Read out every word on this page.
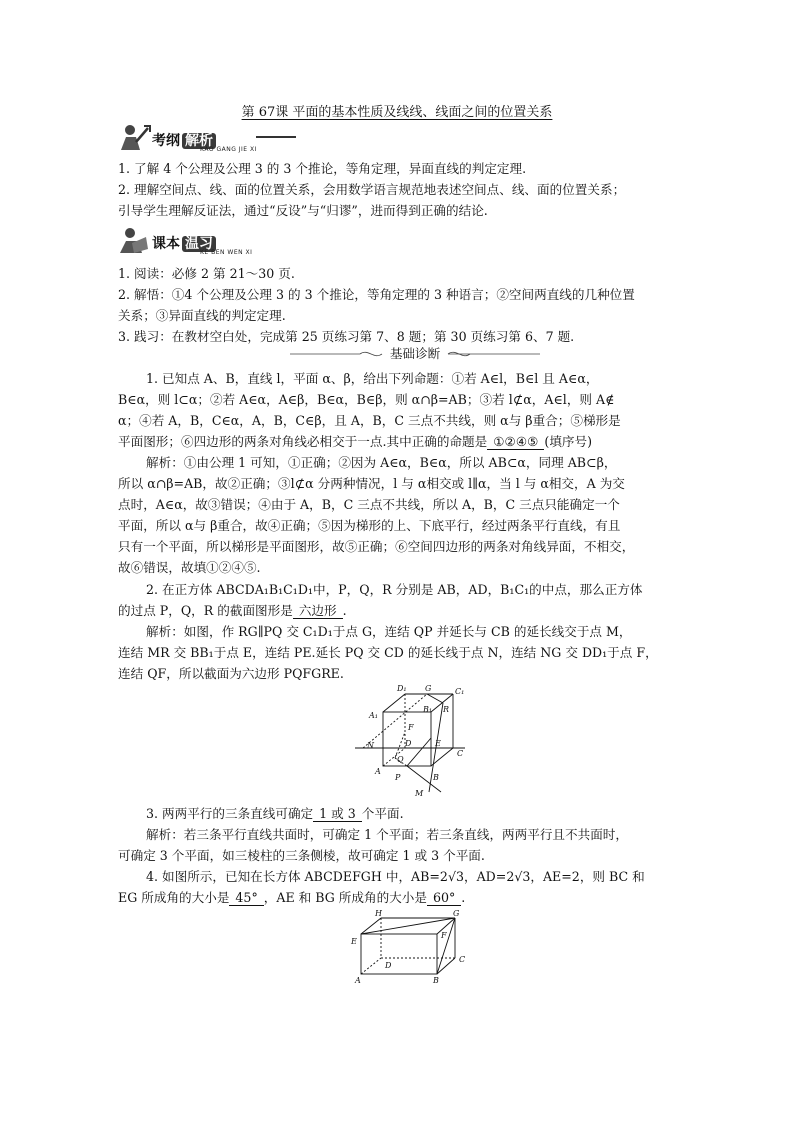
第 67课 平面的基本性质及线线、线面之间的位置关系
考纲 解析
KAO GANG JIE XI
1. 了解 4 个公理及公理 3 的 3 个推论，等角定理，异面直线的判定定理.
2. 理解空间点、线、面的位置关系，会用数学语言规范地表述空间点、线、面的位置关系；
引导学生理解反证法，通过“反设”与“归谬”，进而得到正确的结论.
课本 温习
KE BEN WEN XI
1. 阅读：必修 2 第 21～30 页.
2. 解悟：①4 个公理及公理 3 的 3 个推论，等角定理的 3 种语言；②空间两直线的几种位置
关系；③异面直线的判定定理.
3. 践习：在教材空白处，完成第 25 页练习第 7、8 题；第 30 页练习第 6、7 题.
基础诊断
1. 已知点 A、B，直线 l，平面 α、β，给出下列命题：①若 A∈l，B∈l 且 A∈α，
B∈α，则 l⊂α；②若 A∈α，A∈β，B∈α，B∈β，则 α∩β=AB；③若 l⊄α，A∈l，则 A∉
α；④若 A，B，C∈α，A，B，C∈β，且 A，B，C 三点不共线，则 α与 β重合；⑤梯形是
平面图形；⑥四边形的两条对角线必相交于一点.其中正确的命题是 ①②④⑤ (填序号)
解析：①由公理 1 可知，①正确；②因为 A∈α，B∈α，所以 AB⊂α，同理 AB⊂β，
所以 α∩β=AB，故②正确；③l⊄α 分两种情况，l 与 α相交或 l∥α，当 l 与 α相交，A 为交
点时，A∈α，故③错误；④由于 A，B，C 三点不共线，所以 A，B，C 三点只能确定一个
平面，所以 α与 β重合，故④正确；⑤因为梯形的上、下底平行，经过两条平行直线，有且
只有一个平面，所以梯形是平面图形，故⑤正确；⑥空间四边形的两条对角线异面，不相交，
故⑥错误，故填①②④⑤.
2. 在正方体 ABCDA₁B₁C₁D₁中，P，Q，R 分别是 AB，AD，B₁C₁的中点，那么正方体
的过点 P，Q，R 的截面图形是 六边形 .
解析：如图，作 RG∥PQ 交 C₁D₁于点 G，连结 QP 并延长与 CB 的延长线交于点 M，
连结 MR 交 BB₁于点 E，连结 PE.延长 PQ 交 CD 的延长线于点 N，连结 NG 交 DD₁于点 F，
连结 QF，所以截面为六边形 PQFGRE.
D₁ G	C₁
A₁
B₁ R
F
N	D	E
C
Q
A
P	B
M
3. 两两平行的三条直线可确定 1 或 3 个平面.
解析：若三条平行直线共面时，可确定 1 个平面；若三条直线，两两平行且不共面时，
可确定 3 个平面，如三棱柱的三条侧棱，故可确定 1 或 3 个平面.
4. 如图所示，已知在长方体 ABCDEFGH 中，AB=2√3，AD=2√3，AE=2，则 BC 和
EG 所成角的大小是 45° ，AE 和 BG 所成角的大小是 60° .
H	G
E
F
D
C
A	B
